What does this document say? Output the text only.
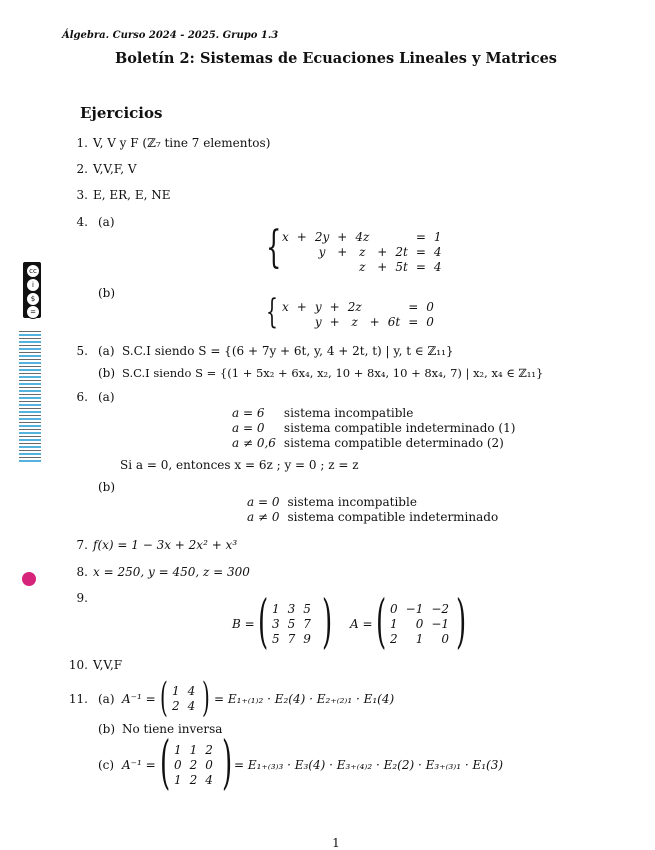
cc
i
$
=
Álgebra. Curso 2024 - 2025. Grupo 1.3
Boletín 2: Sistemas de Ecuaciones Lineales y Matrices
Ejercicios
1. V, V y F (ℤ₇ tine 7 elementos)
2. V,V,F, V
3. E, ER, E, NE
4. (a)	{ x	+	2y	+	4z			=	1
		y	+	z	+	2t	=	4
				z	+	5t	=	4
(b)	{ x	+	y	+	2z			=	0
		y	+	z	+	6t	=	0
5. (a) S.C.I siendo S = {(6 + 7y + 6t, y, 4 + 2t, t) | y, t ∈ ℤ₁₁}
(b) S.C.I siendo S = {(1 + 5x₂ + 6x₄, x₂, 10 + 8x₄, 10 + 8x₄, 7) | x₂, x₄ ∈ ℤ₁₁}
6. (a)
a = 6	sistema incompatible
a = 0	sistema compatible indeterminado (1)
a ≠ 0,6	sistema compatible determinado (2)
Si a = 0, entonces x = 6z ; y = 0 ; z = z
(b)
a = 0	sistema incompatible
a ≠ 0	sistema compatible indeterminado
7. f(x) = 1 − 3x + 2x² + x³
8. x = 250, y = 450, z = 300
9.
B = ( 1	3	5
3	5	7
5	7	9 ) A = ( 0	−1	−2
1	0	−1
2	1	0 )
10. V,V,F
11. (a) A⁻¹ = ( 1	4
2	4 ) = E₁₊₍₁₎₂ · E₂(4) · E₂₊₍₂₎₁ · E₁(4)
(b) No tiene inversa
(c) A⁻¹ = ( 1	1	2
0	2	0
1	2	4 ) = E₁₊₍₃₎₃ · E₃(4) · E₃₊₍₄₎₂ · E₂(2) · E₃₊₍₃₎₁ · E₁(3)
1
